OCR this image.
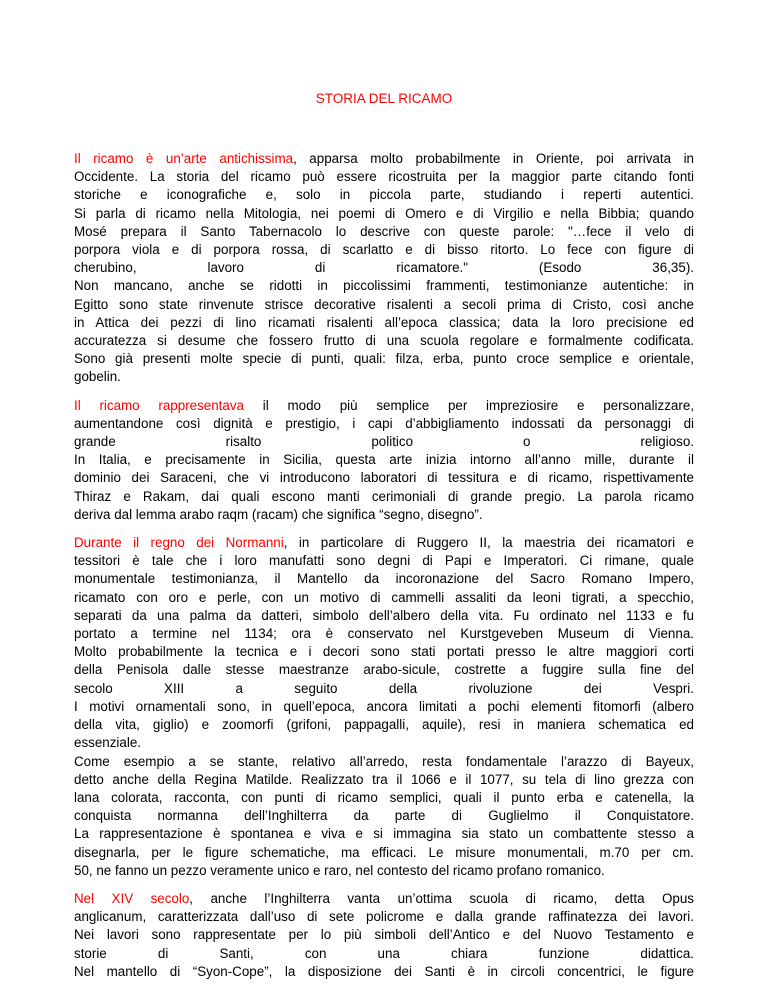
STORIA DEL RICAMO

Il ricamo è un’arte antichissima, apparsa molto probabilmente in Oriente, poi arrivata in
Occidente. La storia del ricamo può essere ricostruita per la maggior parte citando fonti
storiche e iconografiche e, solo in piccola parte, studiando i reperti autentici.
Si parla di ricamo nella Mitologia, nei poemi di Omero e di Virgilio e nella Bibbia; quando
Mosé prepara il Santo Tabernacolo lo descrive con queste parole: "…fece il velo di
porpora viola e di porpora rossa, di scarlatto e di bisso ritorto. Lo fece con figure di
cherubino, lavoro di ricamatore." (Esodo 36,35).
Non mancano, anche se ridotti in piccolissimi frammenti, testimonianze autentiche: in
Egitto sono state rinvenute strisce decorative risalenti a secoli prima di Cristo, così anche
in Attica dei pezzi di lino ricamati risalenti all’epoca classica; data la loro precisione ed
accuratezza si desume che fossero frutto di una scuola regolare e formalmente codificata.
Sono già presenti molte specie di punti, quali: filza, erba, punto croce semplice e orientale,
gobelin.

Il ricamo rappresentava il modo più semplice per impreziosire e personalizzare,
aumentandone così dignità e prestigio, i capi d’abbigliamento indossati da personaggi di
grande risalto politico o religioso.
In Italia, e precisamente in Sicilia, questa arte inizia intorno all’anno mille, durante il
dominio dei Saraceni, che vi introducono laboratori di tessitura e di ricamo, rispettivamente
Thiraz e Rakam, dai quali escono manti cerimoniali di grande pregio. La parola ricamo
deriva dal lemma arabo raqm (racam) che significa “segno, disegno”.

Durante il regno dei Normanni, in particolare di Ruggero II, la maestria dei ricamatori e
tessitori è tale che i loro manufatti sono degni di Papi e Imperatori. Ci rimane, quale
monumentale testimonianza, il Mantello da incoronazione del Sacro Romano Impero,
ricamato con oro e perle, con un motivo di cammelli assaliti da leoni tigrati, a specchio,
separati da una palma da datteri, simbolo dell’albero della vita. Fu ordinato nel 1133 e fu
portato a termine nel 1134; ora è conservato nel Kurstgeveben Museum di Vienna.
Molto probabilmente la tecnica e i decori sono stati portati presso le altre maggiori corti
della Penisola dalle stesse maestranze arabo-sicule, costrette a fuggire sulla fine del
secolo XIII a seguito della rivoluzione dei Vespri.
I motivi ornamentali sono, in quell’epoca, ancora limitati a pochi elementi fitomorfi (albero
della vita, giglio) e zoomorfi (grifoni, pappagalli, aquile), resi in maniera schematica ed
essenziale.
Come esempio a se stante, relativo all’arredo, resta fondamentale l’arazzo di Bayeux,
detto anche della Regina Matilde. Realizzato tra il 1066 e il 1077, su tela di lino grezza con
lana colorata, racconta, con punti di ricamo semplici, quali il punto erba e catenella, la
conquista normanna dell’Inghilterra da parte di Guglielmo il Conquistatore.
La rappresentazione è spontanea e viva e si immagina sia stato un combattente stesso a
disegnarla, per le figure schematiche, ma efficaci. Le misure monumentali, m.70 per cm.
50, ne fanno un pezzo veramente unico e raro, nel contesto del ricamo profano romanico.

Nel XIV secolo, anche l’Inghilterra vanta un’ottima scuola di ricamo, detta Opus
anglicanum, caratterizzata dall’uso di sete policrome e dalla grande raffinatezza dei lavori.
Nei lavori sono rappresentate per lo più simboli dell’Antico e del Nuovo Testamento e
storie di Santi, con una chiara funzione didattica.
Nel mantello di “Syon-Cope”, la disposizione dei Santi è in circoli concentrici, le figure
